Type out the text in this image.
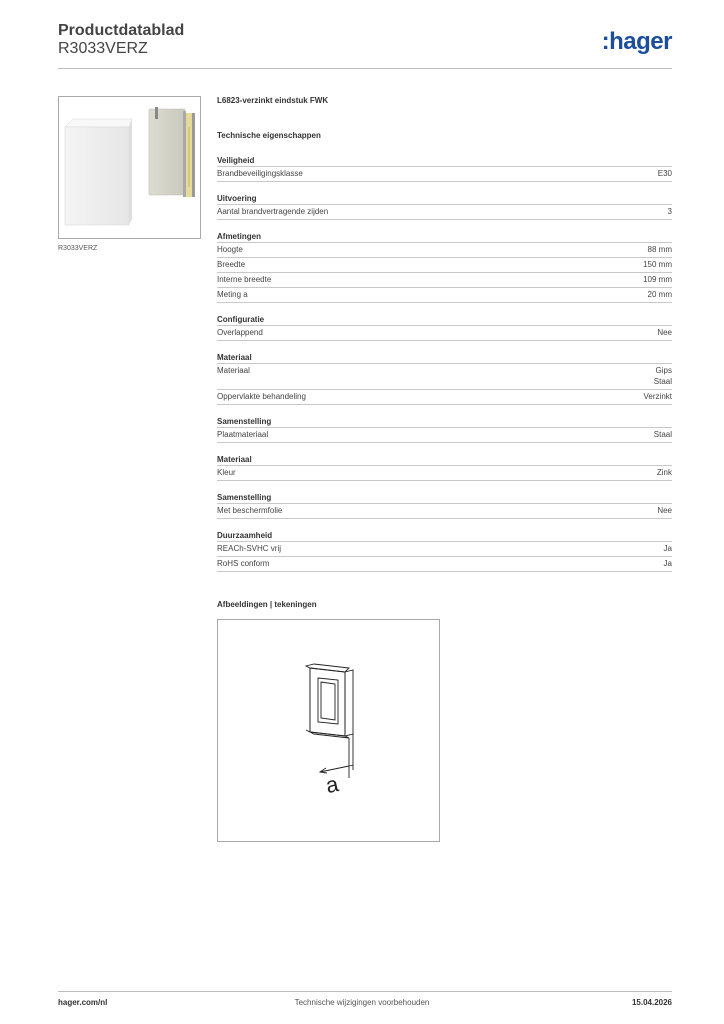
Productdatablad
R3033VERZ	:hager
R3033VERZ
L6823-verzinkt eindstuk FWK
Technische eigenschappen
Veiligheid
Brandbeveiligingsklasse	E30
Uitvoering
Aantal brandvertragende zijden	3
Afmetingen
Hoogte	88 mm
Breedte	150 mm
Interne breedte	109 mm
Meting a	20 mm
Configuratie
Overlappend	Nee
Materiaal
Materiaal	Gips
Staal
Oppervlakte behandeling	Verzinkt
Samenstelling
Plaatmateriaal	Staal
Materiaal
Kleur	Zink
Samenstelling
Met beschermfolie	Nee
Duurzaamheid
REACh-SVHC vrij	Ja
RoHS conform	Ja
Afbeeldingen | tekeningen
a
hager.com/nl	Technische wijzigingen voorbehouden	15.04.2026
